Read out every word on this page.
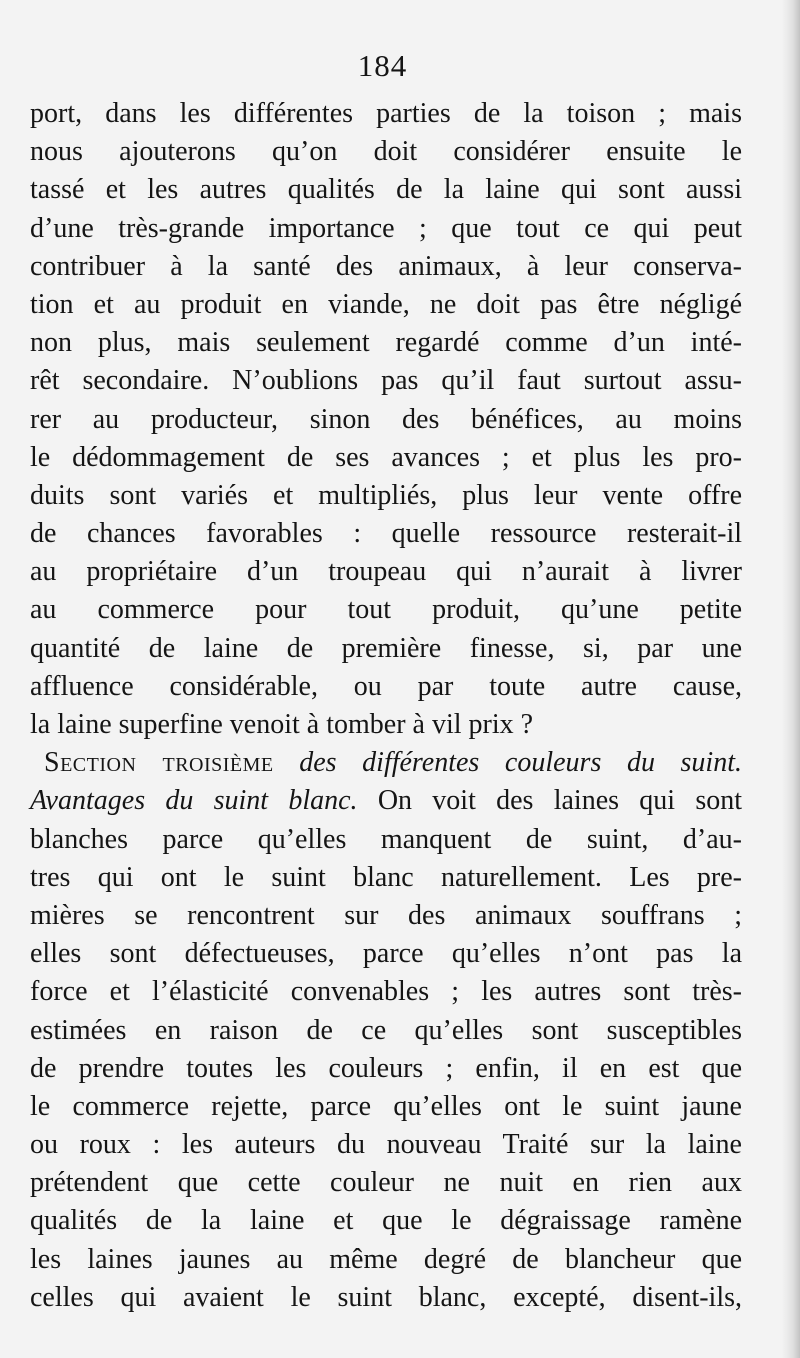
184
port, dans les différentes parties de la toison ; mais
nous ajouterons qu’on doit considérer ensuite le
tassé et les autres qualités de la laine qui sont aussi
d’une très-grande importance ; que tout ce qui peut
contribuer à la santé des animaux, à leur conserva-
tion et au produit en viande, ne doit pas être négligé
non plus, mais seulement regardé comme d’un inté-
rêt secondaire. N’oublions pas qu’il faut surtout assu-
rer au producteur, sinon des bénéfices, au moins
le dédommagement de ses avances ; et plus les pro-
duits sont variés et multipliés, plus leur vente offre
de chances favorables : quelle ressource resterait-il
au propriétaire d’un troupeau qui n’aurait à livrer
au commerce pour tout produit, qu’une petite
quantité de laine de première finesse, si, par une
affluence considérable, ou par toute autre cause,
la laine superfine venoit à tomber à vil prix ?
Section troisième des différentes couleurs du suint.
Avantages du suint blanc. On voit des laines qui sont
blanches parce qu’elles manquent de suint, d’au-
tres qui ont le suint blanc naturellement. Les pre-
mières se rencontrent sur des animaux souffrans ;
elles sont défectueuses, parce qu’elles n’ont pas la
force et l’élasticité convenables ; les autres sont très-
estimées en raison de ce qu’elles sont susceptibles
de prendre toutes les couleurs ; enfin, il en est que
le commerce rejette, parce qu’elles ont le suint jaune
ou roux : les auteurs du nouveau Traité sur la laine
prétendent que cette couleur ne nuit en rien aux
qualités de la laine et que le dégraissage ramène
les laines jaunes au même degré de blancheur que
celles qui avaient le suint blanc, excepté, disent-ils,
